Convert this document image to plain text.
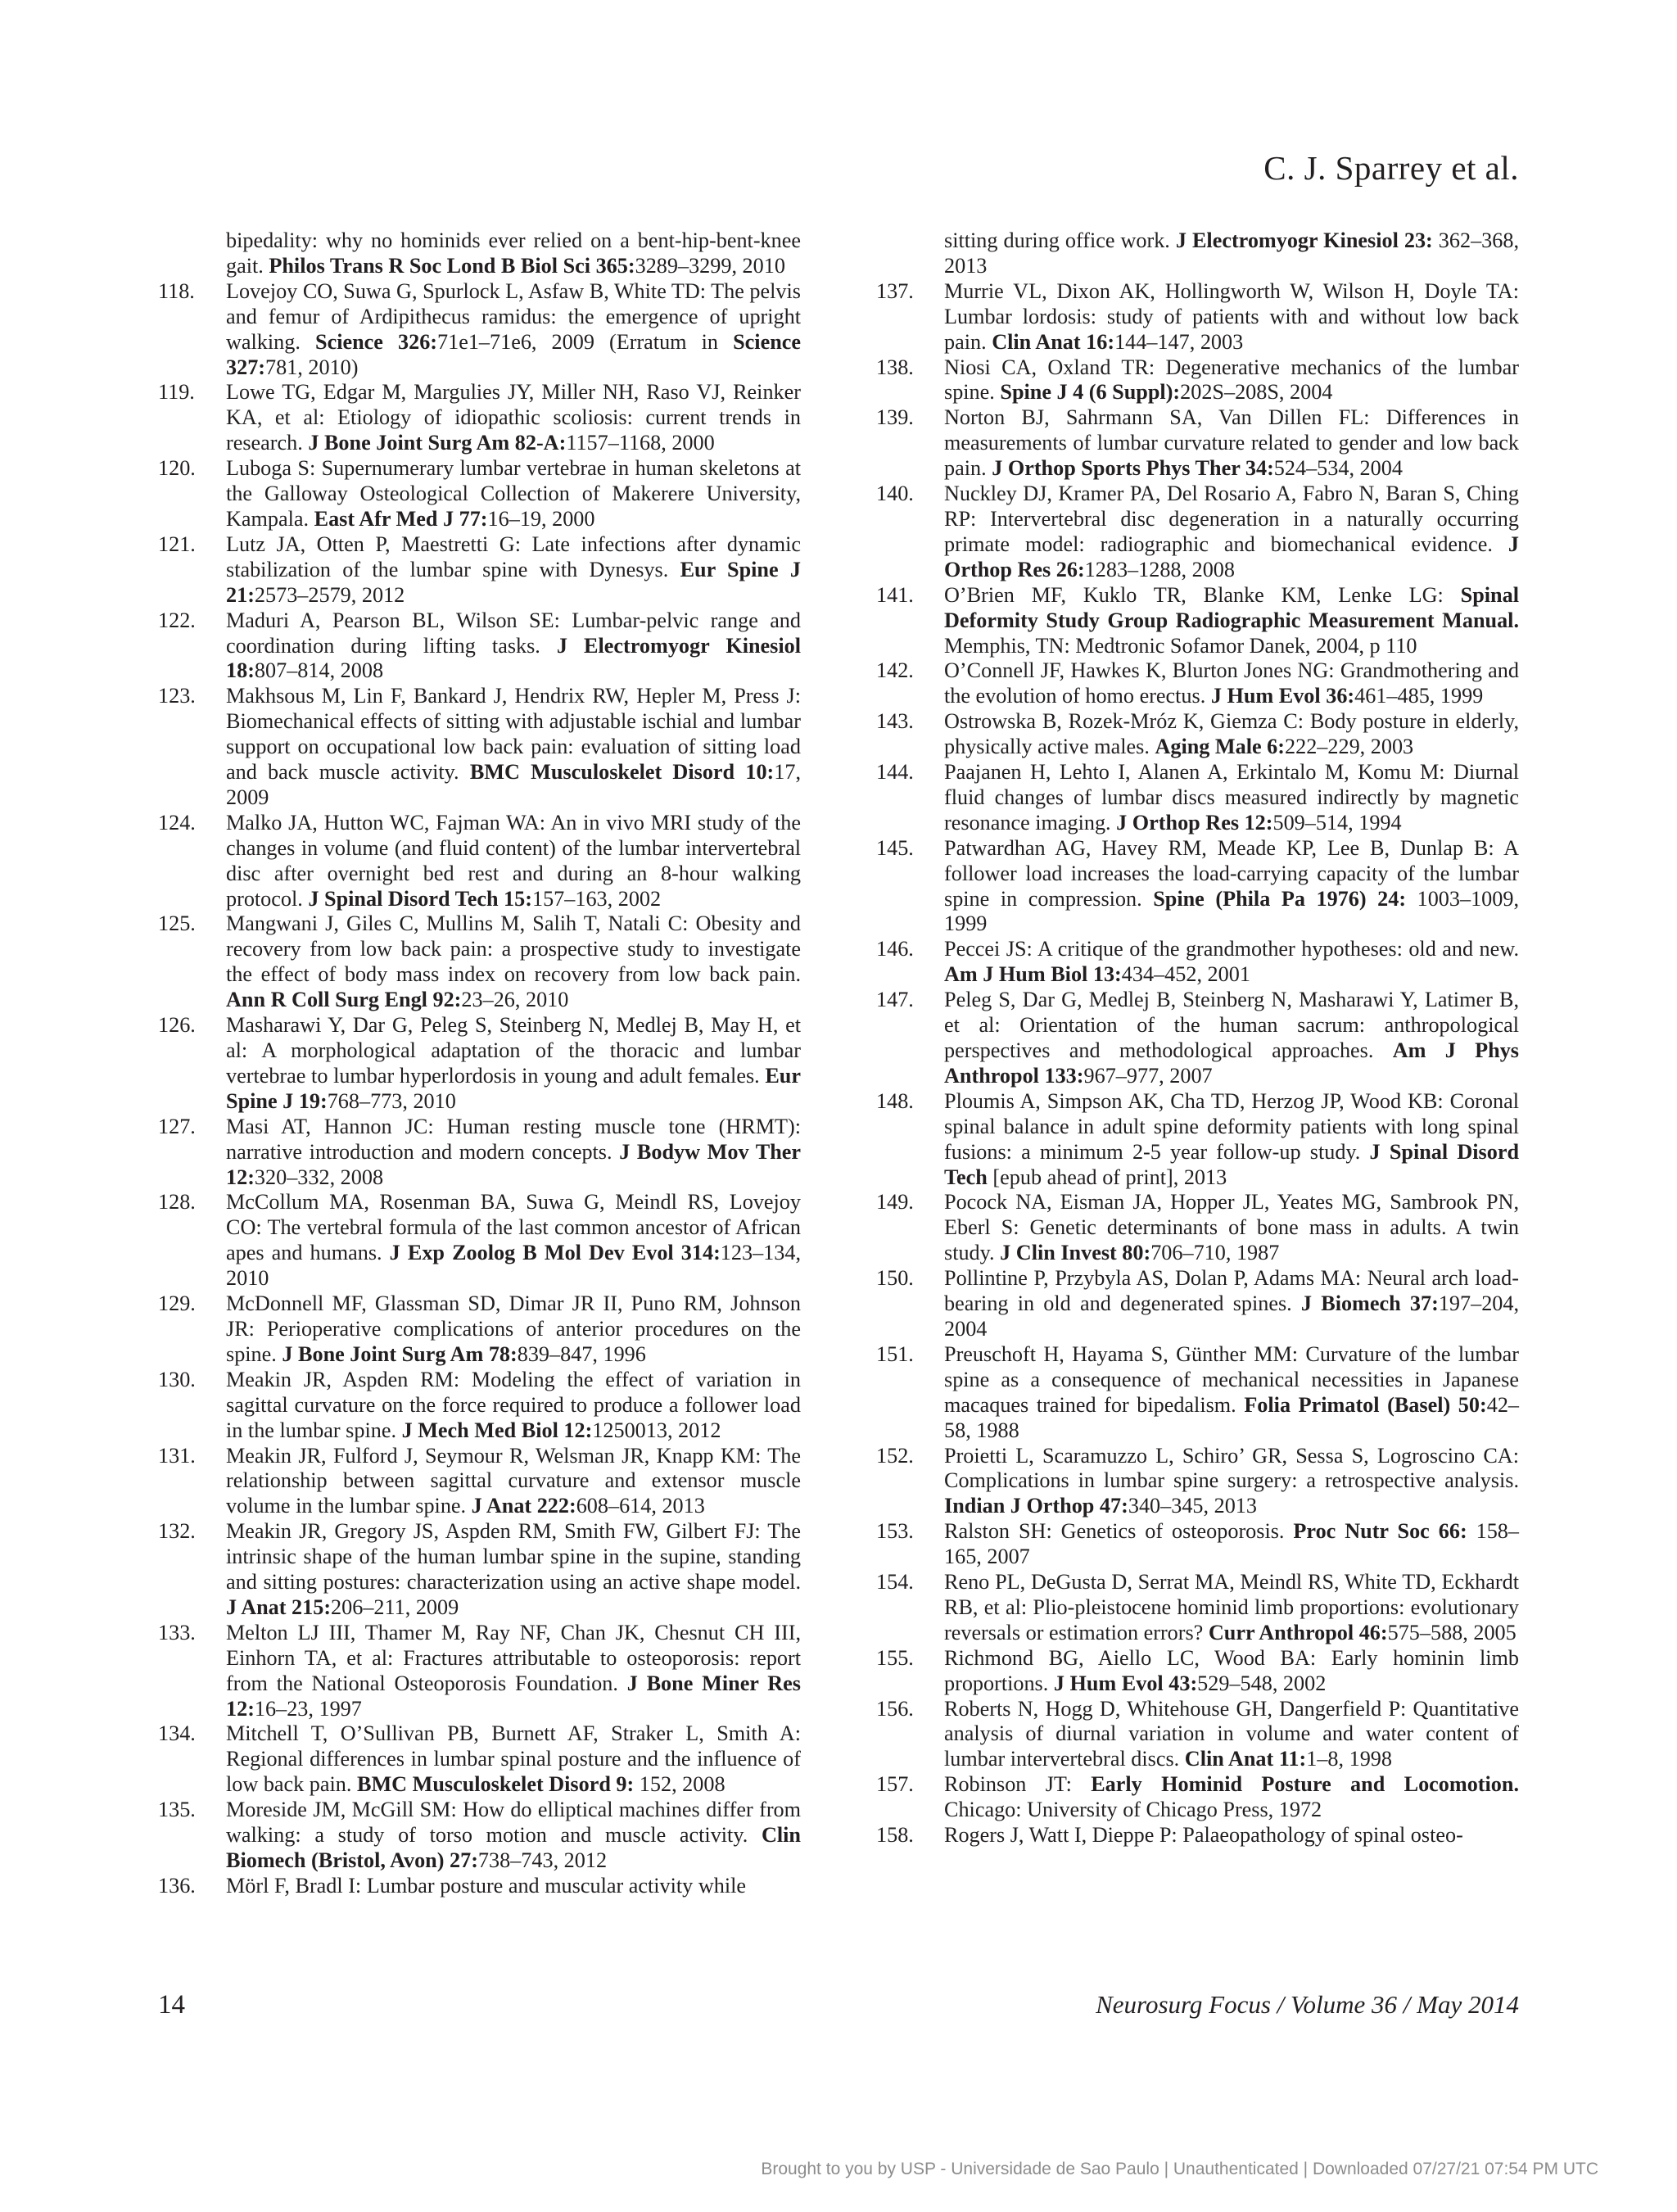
C. J. Sparrey et al.

bipedality: why no hominids ever relied on a bent-hip-bent-knee gait. Philos Trans R Soc Lond B Biol Sci 365:3289–3299, 2010

118.	Lovejoy CO, Suwa G, Spurlock L, Asfaw B, White TD: The pelvis and femur of Ardipithecus ramidus: the emergence of upright walking. Science 326:71e1–71e6, 2009 (Erratum in Science 327:781, 2010)

119.	Lowe TG, Edgar M, Margulies JY, Miller NH, Raso VJ, Reinker KA, et al: Etiology of idiopathic scoliosis: current trends in research. J Bone Joint Surg Am 82-A:1157–1168, 2000

120.	Luboga S: Supernumerary lumbar vertebrae in human skeletons at the Galloway Osteological Collection of Makerere University, Kampala. East Afr Med J 77:16–19, 2000

121.	Lutz JA, Otten P, Maestretti G: Late infections after dynamic stabilization of the lumbar spine with Dynesys. Eur Spine J 21:2573–2579, 2012

122.	Maduri A, Pearson BL, Wilson SE: Lumbar-pelvic range and coordination during lifting tasks. J Electromyogr Kinesiol 18:807–814, 2008

123.	Makhsous M, Lin F, Bankard J, Hendrix RW, Hepler M, Press J: Biomechanical effects of sitting with adjustable ischial and lumbar support on occupational low back pain: evaluation of sitting load and back muscle activity. BMC Musculoskelet Disord 10:17, 2009

124.	Malko JA, Hutton WC, Fajman WA: An in vivo MRI study of the changes in volume (and fluid content) of the lumbar intervertebral disc after overnight bed rest and during an 8-hour walking protocol. J Spinal Disord Tech 15:157–163, 2002

125.	Mangwani J, Giles C, Mullins M, Salih T, Natali C: Obesity and recovery from low back pain: a prospective study to investigate the effect of body mass index on recovery from low back pain. Ann R Coll Surg Engl 92:23–26, 2010

126.	Masharawi Y, Dar G, Peleg S, Steinberg N, Medlej B, May H, et al: A morphological adaptation of the thoracic and lumbar vertebrae to lumbar hyperlordosis in young and adult females. Eur Spine J 19:768–773, 2010

127.	Masi AT, Hannon JC: Human resting muscle tone (HRMT): narrative introduction and modern concepts. J Bodyw Mov Ther 12:320–332, 2008

128.	McCollum MA, Rosenman BA, Suwa G, Meindl RS, Lovejoy CO: The vertebral formula of the last common ancestor of African apes and humans. J Exp Zoolog B Mol Dev Evol 314:123–134, 2010

129.	McDonnell MF, Glassman SD, Dimar JR II, Puno RM, Johnson JR: Perioperative complications of anterior procedures on the spine. J Bone Joint Surg Am 78:839–847, 1996

130.	Meakin JR, Aspden RM: Modeling the effect of variation in sagittal curvature on the force required to produce a follower load in the lumbar spine. J Mech Med Biol 12:1250013, 2012

131.	Meakin JR, Fulford J, Seymour R, Welsman JR, Knapp KM: The relationship between sagittal curvature and extensor muscle volume in the lumbar spine. J Anat 222:608–614, 2013

132.	Meakin JR, Gregory JS, Aspden RM, Smith FW, Gilbert FJ: The intrinsic shape of the human lumbar spine in the supine, standing and sitting postures: characterization using an active shape model. J Anat 215:206–211, 2009

133.	Melton LJ III, Thamer M, Ray NF, Chan JK, Chesnut CH III, Einhorn TA, et al: Fractures attributable to osteoporosis: report from the National Osteoporosis Foundation. J Bone Miner Res 12:16–23, 1997

134.	Mitchell T, O’Sullivan PB, Burnett AF, Straker L, Smith A: Regional differences in lumbar spinal posture and the influence of low back pain. BMC Musculoskelet Disord 9: 152, 2008

135.	Moreside JM, McGill SM: How do elliptical machines differ from walking: a study of torso motion and muscle activity. Clin Biomech (Bristol, Avon) 27:738–743, 2012

136.	Mörl F, Bradl I: Lumbar posture and muscular activity while

sitting during office work. J Electromyogr Kinesiol 23: 362–368, 2013

137.	Murrie VL, Dixon AK, Hollingworth W, Wilson H, Doyle TA: Lumbar lordosis: study of patients with and without low back pain. Clin Anat 16:144–147, 2003

138.	Niosi CA, Oxland TR: Degenerative mechanics of the lumbar spine. Spine J 4 (6 Suppl):202S–208S, 2004

139.	Norton BJ, Sahrmann SA, Van Dillen FL: Differences in measurements of lumbar curvature related to gender and low back pain. J Orthop Sports Phys Ther 34:524–534, 2004

140.	Nuckley DJ, Kramer PA, Del Rosario A, Fabro N, Baran S, Ching RP: Intervertebral disc degeneration in a naturally occurring primate model: radiographic and biomechanical evidence. J Orthop Res 26:1283–1288, 2008

141.	O’Brien MF, Kuklo TR, Blanke KM, Lenke LG: Spinal Deformity Study Group Radiographic Measurement Manual. Memphis, TN: Medtronic Sofamor Danek, 2004, p 110

142.	O’Connell JF, Hawkes K, Blurton Jones NG: Grandmothering and the evolution of homo erectus. J Hum Evol 36:461–485, 1999

143.	Ostrowska B, Rozek-Mróz K, Giemza C: Body posture in elderly, physically active males. Aging Male 6:222–229, 2003

144.	Paajanen H, Lehto I, Alanen A, Erkintalo M, Komu M: Diurnal fluid changes of lumbar discs measured indirectly by magnetic resonance imaging. J Orthop Res 12:509–514, 1994

145.	Patwardhan AG, Havey RM, Meade KP, Lee B, Dunlap B: A follower load increases the load-carrying capacity of the lumbar spine in compression. Spine (Phila Pa 1976) 24: 1003–1009, 1999

146.	Peccei JS: A critique of the grandmother hypotheses: old and new. Am J Hum Biol 13:434–452, 2001

147.	Peleg S, Dar G, Medlej B, Steinberg N, Masharawi Y, Latimer B, et al: Orientation of the human sacrum: anthropological perspectives and methodological approaches. Am J Phys Anthropol 133:967–977, 2007

148.	Ploumis A, Simpson AK, Cha TD, Herzog JP, Wood KB: Coronal spinal balance in adult spine deformity patients with long spinal fusions: a minimum 2-5 year follow-up study. J Spinal Disord Tech [epub ahead of print], 2013

149.	Pocock NA, Eisman JA, Hopper JL, Yeates MG, Sambrook PN, Eberl S: Genetic determinants of bone mass in adults. A twin study. J Clin Invest 80:706–710, 1987

150.	Pollintine P, Przybyla AS, Dolan P, Adams MA: Neural arch load-bearing in old and degenerated spines. J Biomech 37:197–204, 2004

151.	Preuschoft H, Hayama S, Günther MM: Curvature of the lumbar spine as a consequence of mechanical necessities in Japanese macaques trained for bipedalism. Folia Primatol (Basel) 50:42–58, 1988

152.	Proietti L, Scaramuzzo L, Schiro’ GR, Sessa S, Logroscino CA: Complications in lumbar spine surgery: a retrospective analysis. Indian J Orthop 47:340–345, 2013

153.	Ralston SH: Genetics of osteoporosis. Proc Nutr Soc 66: 158–165, 2007

154.	Reno PL, DeGusta D, Serrat MA, Meindl RS, White TD, Eckhardt RB, et al: Plio-pleistocene hominid limb proportions: evolutionary reversals or estimation errors? Curr Anthropol 46:575–588, 2005

155.	Richmond BG, Aiello LC, Wood BA: Early hominin limb proportions. J Hum Evol 43:529–548, 2002

156.	Roberts N, Hogg D, Whitehouse GH, Dangerfield P: Quantitative analysis of diurnal variation in volume and water content of lumbar intervertebral discs. Clin Anat 11:1–8, 1998

157.	Robinson JT: Early Hominid Posture and Locomotion. Chicago: University of Chicago Press, 1972

158.	Rogers J, Watt I, Dieppe P: Palaeopathology of spinal osteo-

14	Neurosurg Focus / Volume 36 / May 2014
Brought to you by USP - Universidade de Sao Paulo | Unauthenticated | Downloaded 07/27/21 07:54 PM UTC
